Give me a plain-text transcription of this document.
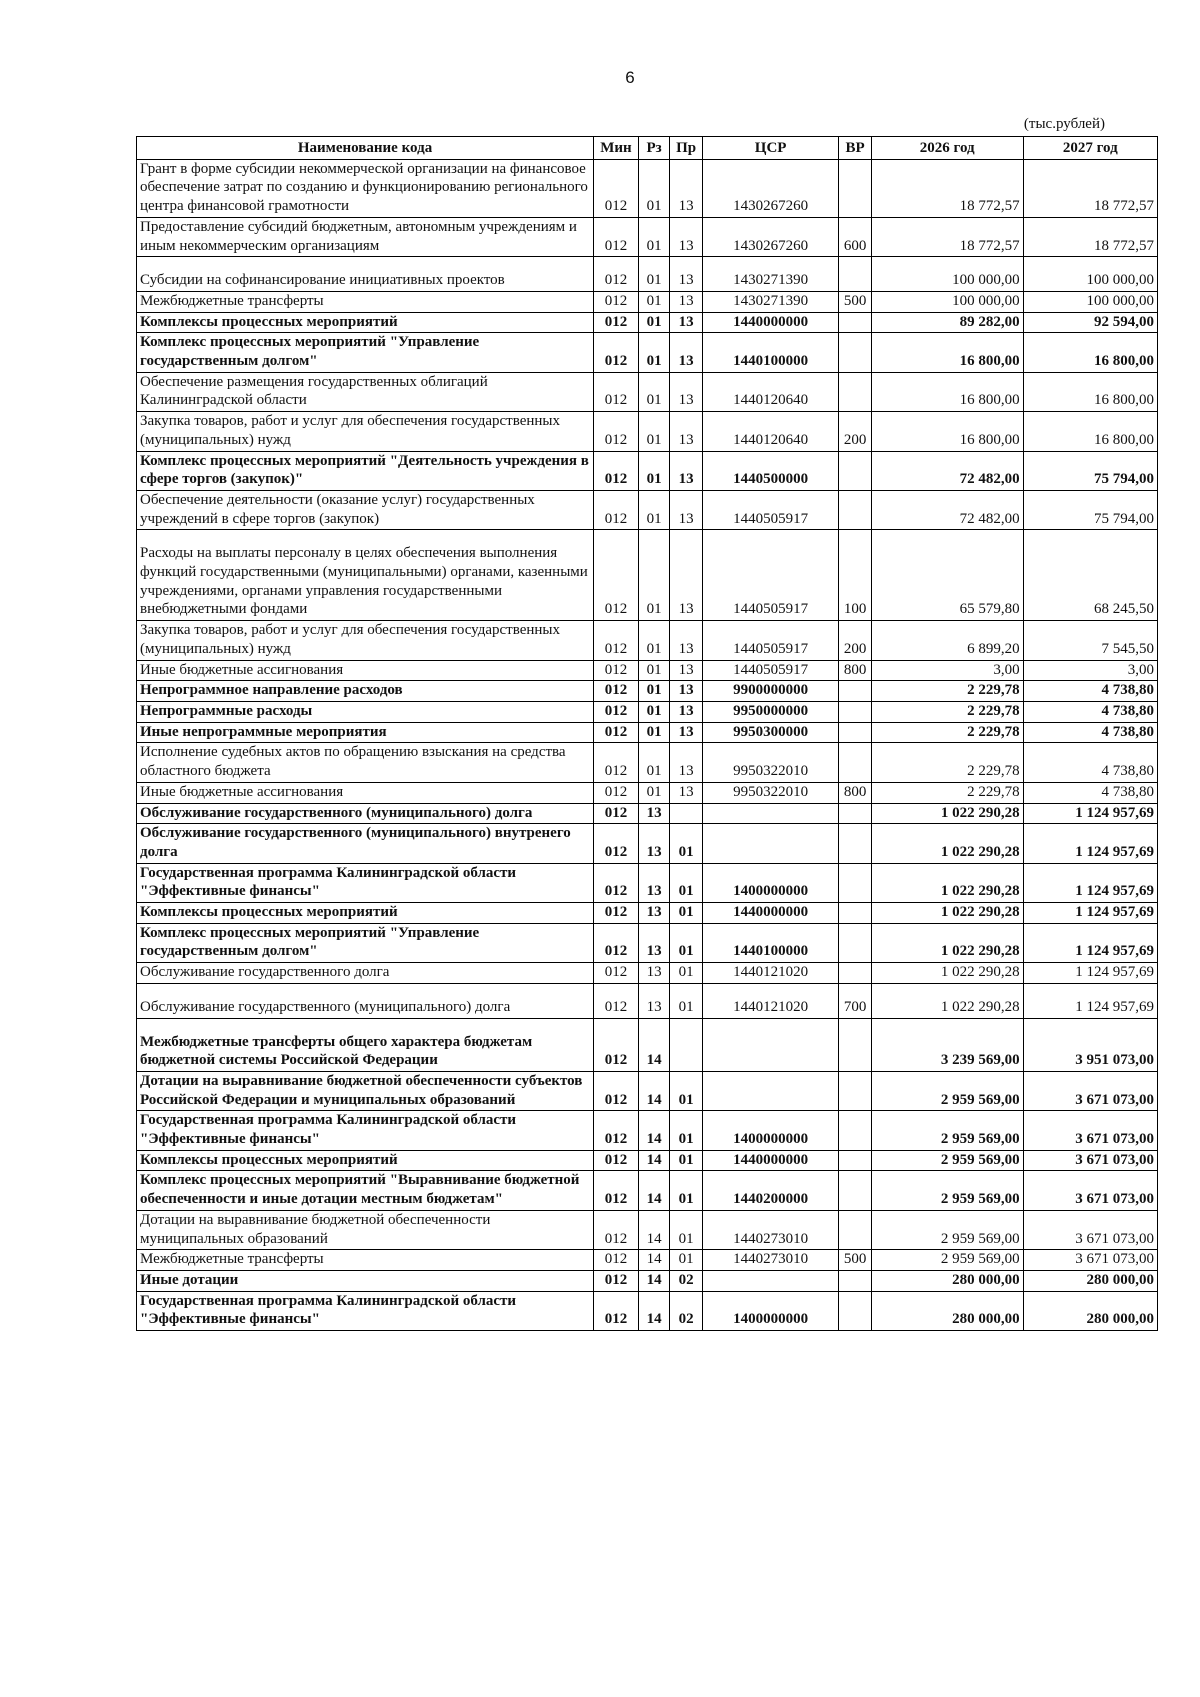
6
(тыс.рублей)
Наименование кода	Мин	Рз	Пр	ЦСР	ВР	2026 год	2027 год
Грант в форме субсидии некоммерческой организации на финансовое обеспечение затрат по созданию и функционированию регионального центра финансовой грамотности	012	01	13	1430267260		18 772,57	18 772,57
Предоставление субсидий бюджетным, автономным учреждениям и иным некоммерческим организациям	012	01	13	1430267260	600	18 772,57	18 772,57
Субсидии на софинансирование инициативных проектов	012	01	13	1430271390		100 000,00	100 000,00
Межбюджетные трансферты	012	01	13	1430271390	500	100 000,00	100 000,00
Комплексы процессных мероприятий	012	01	13	1440000000		89 282,00	92 594,00
Комплекс процессных мероприятий "Управление государственным долгом"	012	01	13	1440100000		16 800,00	16 800,00
Обеспечение размещения государственных облигаций Калининградской области	012	01	13	1440120640		16 800,00	16 800,00
Закупка товаров, работ и услуг для обеспечения государственных (муниципальных) нужд	012	01	13	1440120640	200	16 800,00	16 800,00
Комплекс процессных мероприятий "Деятельность учреждения в сфере торгов (закупок)"	012	01	13	1440500000		72 482,00	75 794,00
Обеспечение деятельности (оказание услуг) государственных учреждений в сфере торгов (закупок)	012	01	13	1440505917		72 482,00	75 794,00
Расходы на выплаты персоналу в целях обеспечения выполнения функций государственными (муниципальными) органами, казенными учреждениями, органами управления государственными внебюджетными фондами	012	01	13	1440505917	100	65 579,80	68 245,50
Закупка товаров, работ и услуг для обеспечения государственных (муниципальных) нужд	012	01	13	1440505917	200	6 899,20	7 545,50
Иные бюджетные ассигнования	012	01	13	1440505917	800	3,00	3,00
Непрограммное направление расходов	012	01	13	9900000000		2 229,78	4 738,80
Непрограммные расходы	012	01	13	9950000000		2 229,78	4 738,80
Иные непрограммные мероприятия	012	01	13	9950300000		2 229,78	4 738,80
Исполнение судебных актов по обращению взыскания на средства областного бюджета	012	01	13	9950322010		2 229,78	4 738,80
Иные бюджетные ассигнования	012	01	13	9950322010	800	2 229,78	4 738,80
Обслуживание государственного (муниципального) долга	012	13				1 022 290,28	1 124 957,69
Обслуживание государственного (муниципального) внутренего долга	012	13	01			1 022 290,28	1 124 957,69
Государственная программа Калининградской области "Эффективные финансы"	012	13	01	1400000000		1 022 290,28	1 124 957,69
Комплексы процессных мероприятий	012	13	01	1440000000		1 022 290,28	1 124 957,69
Комплекс процессных мероприятий "Управление государственным долгом"	012	13	01	1440100000		1 022 290,28	1 124 957,69
Обслуживание государственного долга	012	13	01	1440121020		1 022 290,28	1 124 957,69
Обслуживание государственного (муниципального) долга	012	13	01	1440121020	700	1 022 290,28	1 124 957,69
Межбюджетные трансферты общего характера бюджетам бюджетной системы Российской Федерации	012	14				3 239 569,00	3 951 073,00
Дотации на выравнивание бюджетной обеспеченности субъектов Российской Федерации и муниципальных образований	012	14	01			2 959 569,00	3 671 073,00
Государственная программа Калининградской области "Эффективные финансы"	012	14	01	1400000000		2 959 569,00	3 671 073,00
Комплексы процессных мероприятий	012	14	01	1440000000		2 959 569,00	3 671 073,00
Комплекс процессных мероприятий "Выравнивание бюджетной обеспеченности и иные дотации местным бюджетам"	012	14	01	1440200000		2 959 569,00	3 671 073,00
Дотации на выравнивание бюджетной обеспеченности муниципальных образований	012	14	01	1440273010		2 959 569,00	3 671 073,00
Межбюджетные трансферты	012	14	01	1440273010	500	2 959 569,00	3 671 073,00
Иные дотации	012	14	02			280 000,00	280 000,00
Государственная программа Калининградской области "Эффективные финансы"	012	14	02	1400000000		280 000,00	280 000,00
